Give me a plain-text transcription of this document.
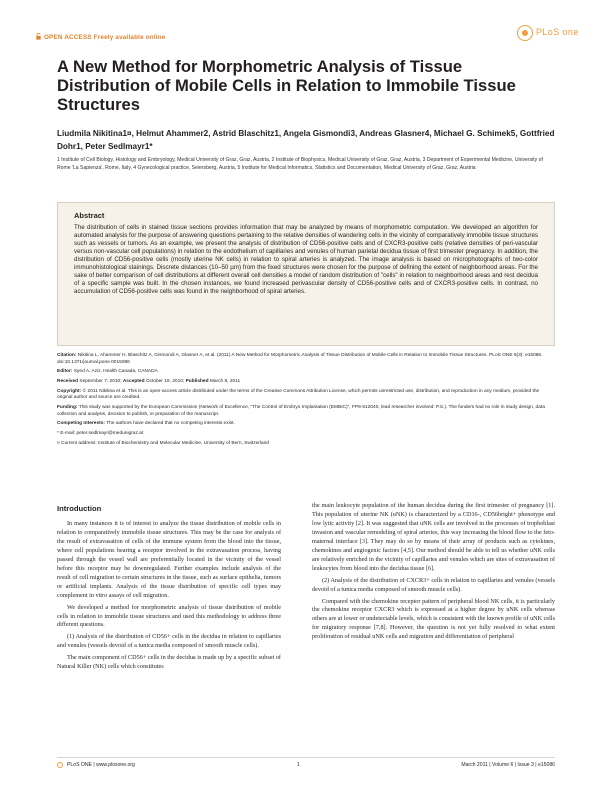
OPEN ACCESS Freely available online
PLoS one
A New Method for Morphometric Analysis of Tissue Distribution of Mobile Cells in Relation to Immobile Tissue Structures

Liudmila Nikitina1¤, Helmut Ahammer2, Astrid Blaschitz1, Angela Gismondi3, Andreas Glasner4, Michael G. Schimek5, Gottfried Dohr1, Peter Sedlmayr1*

1 Institute of Cell Biology, Histology and Embryology, Medical University of Graz, Graz, Austria, 2 Institute of Biophysics, Medical University of Graz, Graz, Austria, 3 Department of Experimental Medicine, University of Rome 'La Sapienza', Rome, Italy, 4 Gynecological practice, Seiersberg, Austria, 5 Institute for Medical Informatics, Statistics and Documentation, Medical University of Graz, Graz, Austria

Abstract

The distribution of cells in stained tissue sections provides information that may be analyzed by means of morphometric computation. We developed an algorithm for automated analysis for the purpose of answering questions pertaining to the relative densities of wandering cells in the vicinity of comparatively immobile tissue structures such as vessels or tumors. As an example, we present the analysis of distribution of CD56-positive cells and of CXCR3-positive cells (relative densities of peri-vascular versus non-vascular cell populations) in relation to the endothelium of capillaries and venules of human parietal decidua tissue of first trimester pregnancy. In addition, the distribution of CD56-positive cells (mostly uterine NK cells) in relation to spiral arteries is analyzed. The image analysis is based on microphotographs of two-color immunohistological stainings. Discrete distances (10–50 µm) from the fixed structures were chosen for the purpose of defining the extent of neighborhood areas. For the sake of better comparison of cell distributions at different overall cell densities a model of random distribution of "cells" in relation to neighborhood areas and rest decidua of a specific sample was built. In the chosen instances, we found increased perivascular density of CD56-positive cells and of CXCR3-positive cells. In contrast, no accumulation of CD56-positive cells was found in the neighborhood of spiral arteries.

Citation: Nikitina L, Ahammer H, Blaschitz A, Gismondi A, Glasner A, et al. (2011) A New Method for Morphometric Analysis of Tissue Distribution of Mobile Cells in Relation to Immobile Tissue Structures. PLoS ONE 6(3): e15086. doi:10.1371/journal.pone.0015086

Editor: Syed A. Aziz, Health Canada, CANADA

Received September 7, 2010; Accepted October 19, 2010; Published March 8, 2011

Copyright: © 2011 Nikitina et al. This is an open-access article distributed under the terms of the Creative Commons Attribution License, which permits unrestricted use, distribution, and reproduction in any medium, provided the original author and source are credited.

Funding: This study was supported by the European Commission (Network of Excellence, "The Control of Embryo Implantation (EMBIC)", FP6-512040, lead researcher involved: P.S.). The funders had no role in study design, data collection and analysis, decision to publish, or preparation of the manuscript.

Competing Interests: The authors have declared that no competing interests exist.

* E-mail: peter.sedlmayr@medunigraz.at

¤ Current address: Institute of Biochemistry and Molecular Medicine, University of Bern, Switzerland

Introduction

In many instances it is of interest to analyze the tissue distribution of mobile cells in relation to comparatively immobile tissue structures. This may be the case for analysis of the result of extravasation of cells of the immune system from the blood into the tissue, where cell populations bearing a receptor involved in the extravasation process, having passed through the vessel wall are preferentially located in the vicinity of the vessel before this receptor may be downregulated. Further examples include analysis of the result of cell migration to certain structures in the tissue, such as surface epithelia, tumors or artificial implants. Analysis of the tissue distribution of specific cell types may complement in vitro assays of cell migration.

We developed a method for morphometric analysis of tissue distribution of mobile cells in relation to immobile tissue structures and used this methodology to address three different questions.

(1) Analysis of the distribution of CD56+ cells in the decidua in relation to capillaries and venules (vessels devoid of a tunica media composed of smooth muscle cells).

The main component of CD56+ cells in the decidua is made up by a specific subset of Natural Killer (NK) cells which constitutes

the main leukocyte population of the human decidua during the first trimester of pregnancy [1]. This population of uterine NK (uNK) is characterized by a CD16-, CD56bright+ phenotype and low lytic activity [2]. It was suggested that uNK cells are involved in the processes of trophoblast invasion and vascular remodeling of spiral arteries, this way increasing the blood flow to the feto-maternal interface [3]. They may do so by means of their array of products such as cytokines, chemokines and angiogenic factors [4,5]. Our method should be able to tell us whether uNK cells are relatively enriched in the vicinity of capillaries and venules which are sites of extravasation of leukocytes from blood into the decidua tissue [6].

(2) Analysis of the distribution of CXCR3+ cells in relation to capillaries and venules (vessels devoid of a tunica media composed of smooth muscle cells).

Compared with the chemokine receptor pattern of peripheral blood NK cells, it is particularly the chemokine receptor CXCR3 which is expressed at a higher degree by uNK cells whereas others are at lower or undetectable levels, which is consistent with the known profile of uNK cells for migratory response [7,8]. However, the question is not yet fully resolved to what extent proliferation of residual uNK cells and migration and differentiation of peripheral

PLoS ONE | www.plosone.org	1	March 2011 | Volume 6 | Issue 3 | e15086
